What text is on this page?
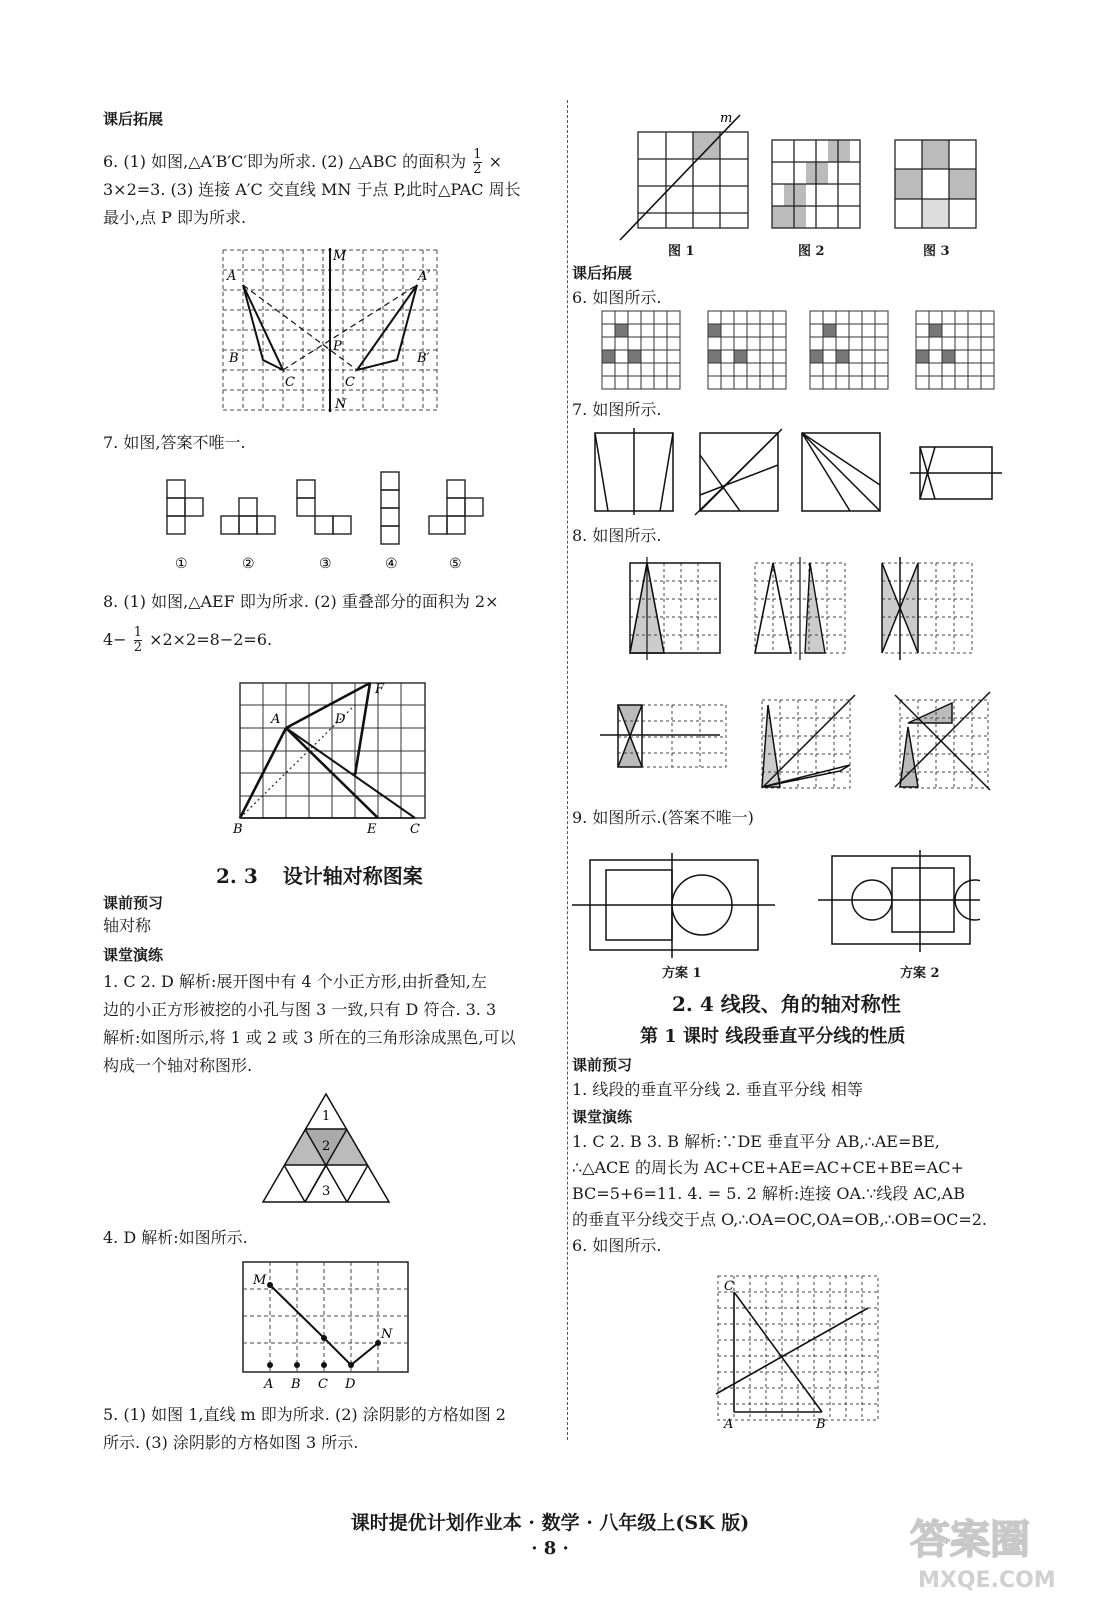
课后拓展
6. (1) 如图,△A′B′C′即为所求. (2) △ABC 的面积为 $\frac{1}{2}$ ×
3×2=3. (3) 连接 A′C 交直线 MN 于点 P,此时△PAC 周长
最小,点 P 即为所求.
A	A′
B	B′
C	C
M
N
P
7. 如图,答案不唯一.
①	②	③	④	⑤
8. (1) 如图,△AEF 即为所求. (2) 重叠部分的面积为 2×
$4- \frac{1}{2} \times 2\times 2=8-2=6$.
A	D
F
B	E	C
2. 3 设计轴对称图案
课前预习
轴对称
课堂演练
1. C 2. D 解析:展开图中有 4 个小正方形,由折叠知,左
边的小正方形被挖的小孔与图 3 一致,只有 D 符合. 3. 3
解析:如图所示,将 1 或 2 或 3 所在的三角形涂成黑色,可以
构成一个轴对称图形.
1
2
3
4. D 解析:如图所示.
M
N
A B C D
5. (1) 如图 1,直线 m 即为所求. (2) 涂阴影的方格如图 2
所示. (3) 涂阴影的方格如图 3 所示.
m
图 1	图 2	图 3
课后拓展
6. 如图所示.
7. 如图所示.
8. 如图所示.
9. 如图所示.(答案不唯一)
方案 1	方案 2
2. 4 线段、角的轴对称性
第 1 课时 线段垂直平分线的性质
课前预习
1. 线段的垂直平分线 2. 垂直平分线 相等
课堂演练
1. C 2. B 3. B 解析:∵DE 垂直平分 AB,∴AE=BE,
∴△ACE 的周长为 AC+CE+AE=AC+CE+BE=AC+
BC=5+6=11. 4. = 5. 2 解析:连接 OA.∵线段 AC,AB
的垂直平分线交于点 O,∴OA=OC,OA=OB,∴OB=OC=2.
6. 如图所示.
C
A	B
课时提优计划作业本 · 数学 · 八年级上(SK 版)
· 8 ·	答案圈
MXQE.COM
